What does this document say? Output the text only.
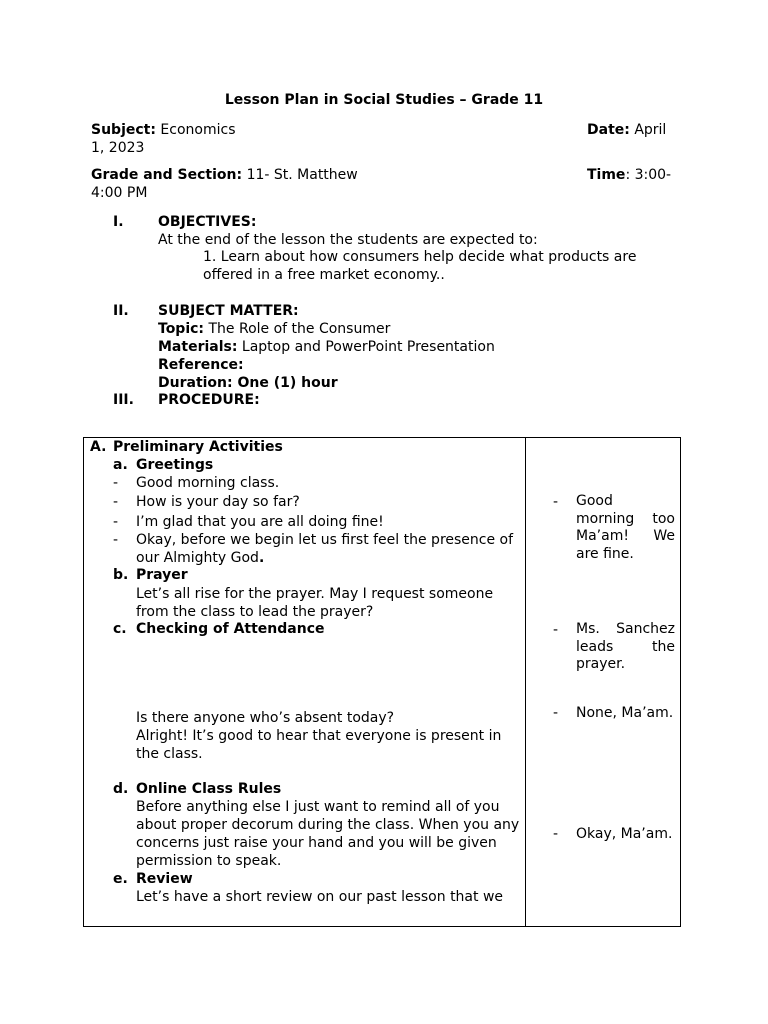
Lesson Plan in Social Studies – Grade 11
Subject: Economics	Date: April
1, 2023
Grade and Section: 11- St. Matthew	Time: 3:00-
4:00 PM
I. OBJECTIVES:
At the end of the lesson the students are expected to:
1. Learn about how consumers help decide what products are
offered in a free market economy..
II. SUBJECT MATTER:
Topic: The Role of the Consumer
Materials: Laptop and PowerPoint Presentation
Reference:
Duration: One (1) hour
III. PROCEDURE:
A. Preliminary Activities
a. Greetings
- Good morning class.
- How is your day so far?
- I’m glad that you are all doing fine!
- Okay, before we begin let us first feel the presence of
our Almighty God.
b. Prayer
Let’s all rise for the prayer. May I request someone
from the class to lead the prayer?
c. Checking of Attendance
Is there anyone who’s absent today?
Alright! It’s good to hear that everyone is present in
the class.
d. Online Class Rules
Before anything else I just want to remind all of you
about proper decorum during the class. When you any
concerns just raise your hand and you will be given
permission to speak.
e. Review
Let’s have a short review on our past lesson that we
- Good
morning too
Ma’am! We
are fine.
- Ms. Sanchez
leads the
prayer.
- None, Ma’am.
- Okay, Ma’am.
